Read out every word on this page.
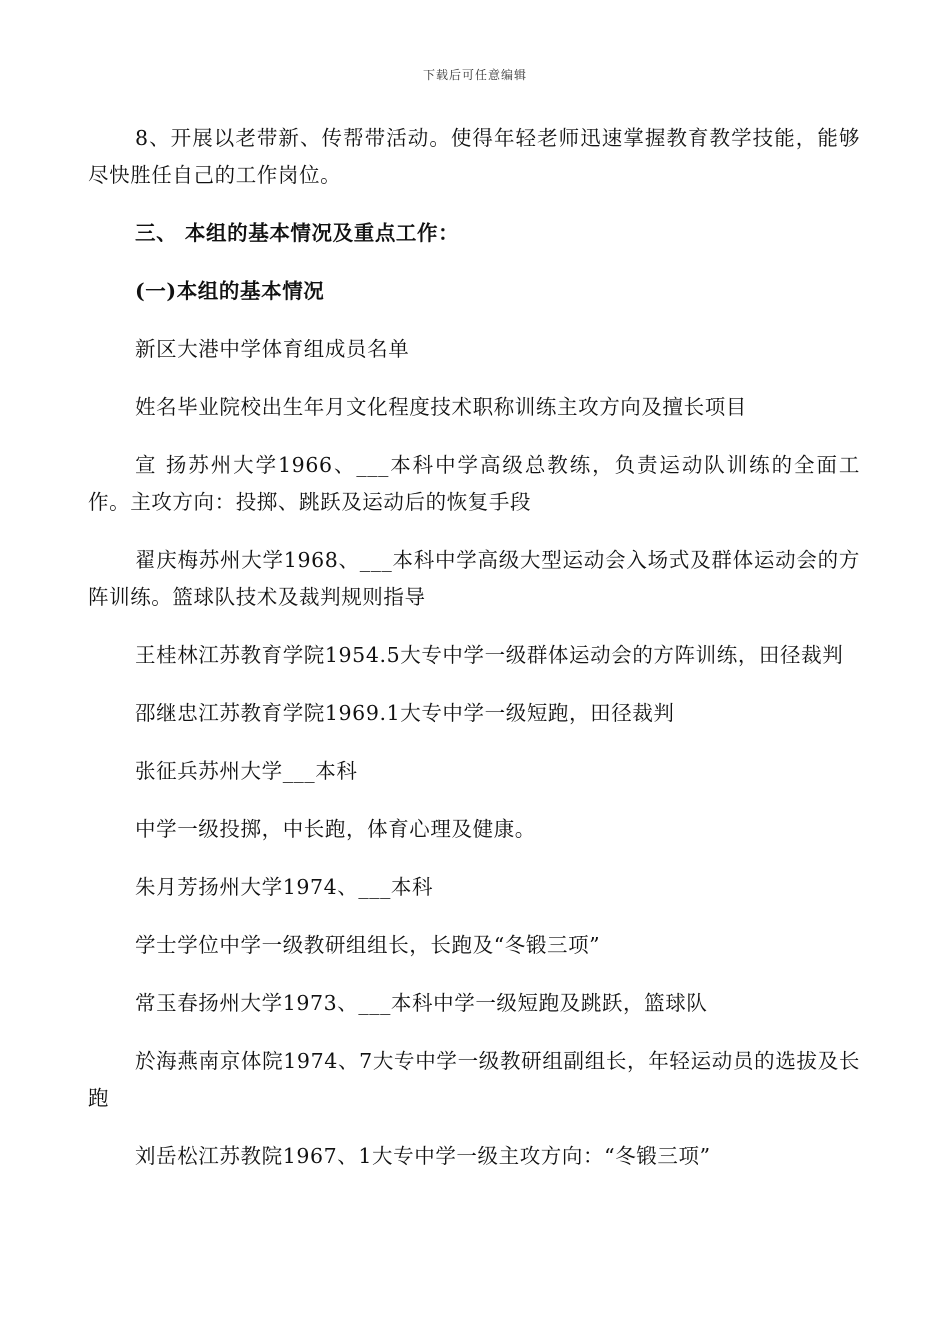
下载后可任意编辑

8、开展以老带新、传帮带活动。使得年轻老师迅速掌握教育教学技能，能够尽快胜任自己的工作岗位。

三、 本组的基本情况及重点工作：

(一)本组的基本情况

新区大港中学体育组成员名单

姓名毕业院校出生年月文化程度技术职称训练主攻方向及擅长项目

宣 扬苏州大学1966、___本科中学高级总教练，负责运动队训练的全面工作。主攻方向：投掷、跳跃及运动后的恢复手段

翟庆梅苏州大学1968、___本科中学高级大型运动会入场式及群体运动会的方阵训练。篮球队技术及裁判规则指导

王桂林江苏教育学院1954.5大专中学一级群体运动会的方阵训练，田径裁判

邵继忠江苏教育学院1969.1大专中学一级短跑，田径裁判

张征兵苏州大学___本科

中学一级投掷，中长跑，体育心理及健康。

朱月芳扬州大学1974、___本科

学士学位中学一级教研组组长，长跑及“冬锻三项”

常玉春扬州大学1973、___本科中学一级短跑及跳跃，篮球队

於海燕南京体院1974、7大专中学一级教研组副组长，年轻运动员的选拔及长跑

刘岳松江苏教院1967、1大专中学一级主攻方向：“冬锻三项”
